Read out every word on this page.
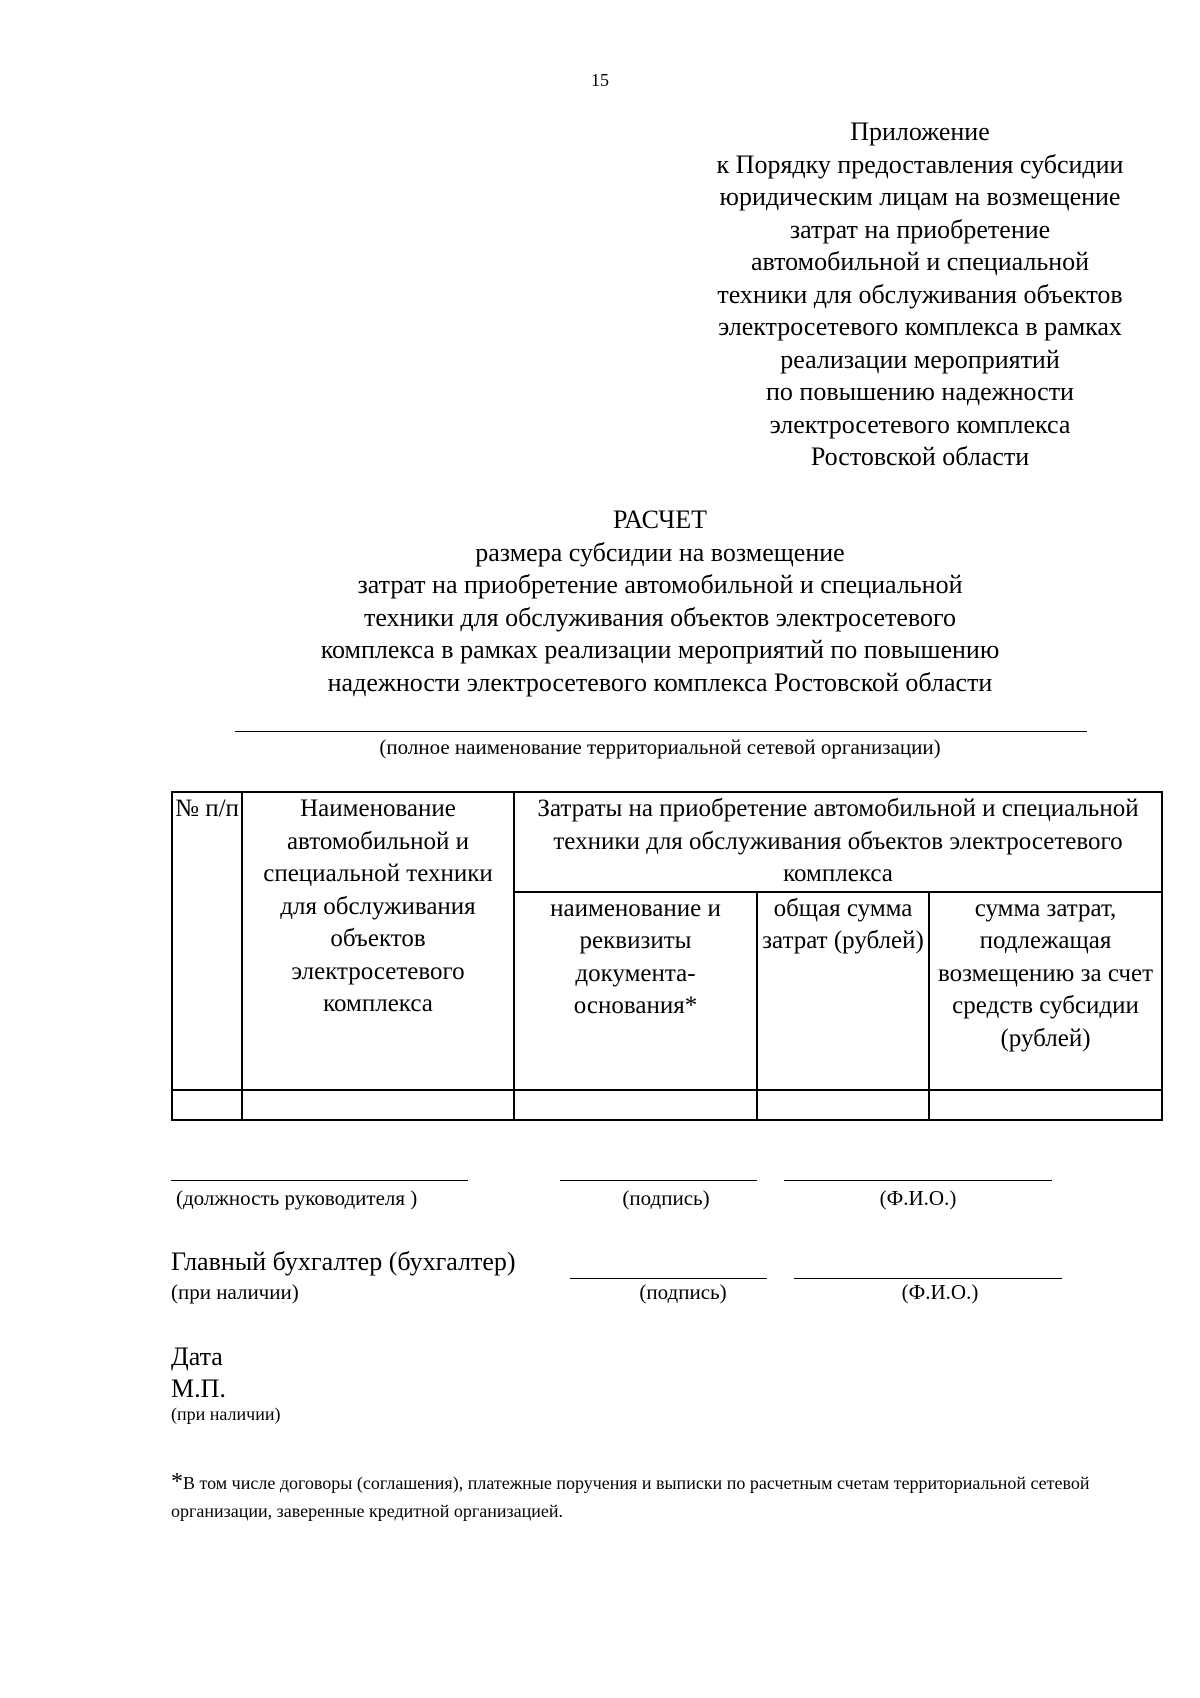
15
Приложение
к Порядку предоставления субсидии
юридическим лицам на возмещение
затрат на приобретение
автомобильной и специальной
техники для обслуживания объектов
электросетевого комплекса в рамках
реализации мероприятий
по повышению надежности
электросетевого комплекса
Ростовской области
РАСЧЕТ
размера субсидии на возмещение
затрат на приобретение автомобильной и специальной
техники для обслуживания объектов электросетевого
комплекса в рамках реализации мероприятий по повышению
надежности электросетевого комплекса Ростовской области
(полное наименование территориальной сетевой организации)
№ п/п	Наименование автомобильной и специальной техники для обслуживания объектов электросетевого комплекса	Затраты на приобретение автомобильной и специальной техники для обслуживания объектов электросетевого комплекса		
		наименование и реквизиты документа-основания*	общая сумма затрат (рублей)	сумма затрат, подлежащая возмещению за счет средств субсидии (рублей)

(должность руководителя )	(подпись)	(Ф.И.О.)
Главный бухгалтер (бухгалтер)
(при наличии)	(подпись)	(Ф.И.О.)
Дата
М.П.
(при наличии)
*В том числе договоры (соглашения), платежные поручения и выписки по расчетным счетам территориальной сетевой организации, заверенные кредитной организацией.
